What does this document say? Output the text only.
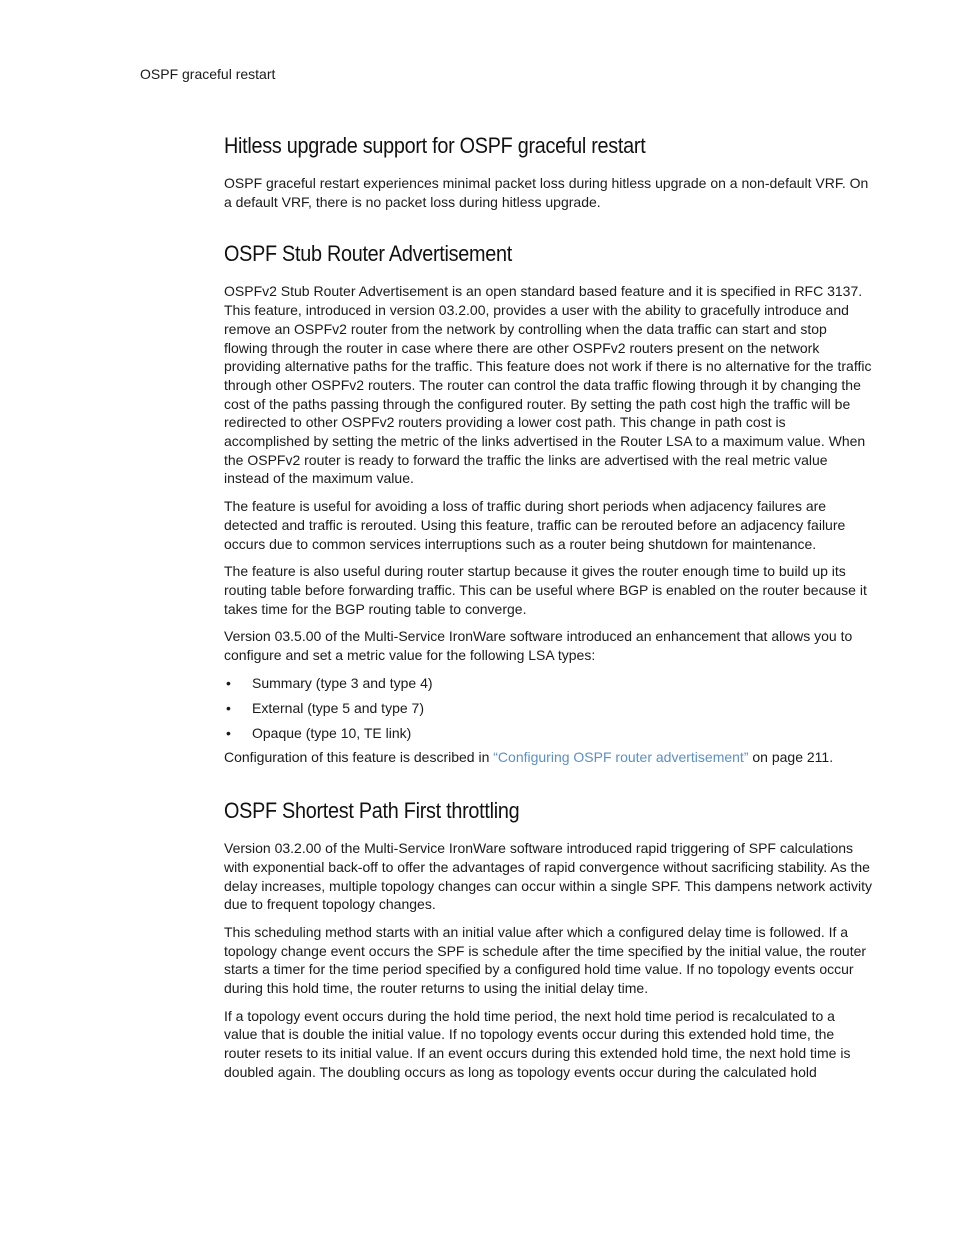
OSPF graceful restart
Hitless upgrade support for OSPF graceful restart

OSPF graceful restart experiences minimal packet loss during hitless upgrade on a non-default VRF. On a default VRF, there is no packet loss during hitless upgrade.

OSPF Stub Router Advertisement

OSPFv2 Stub Router Advertisement is an open standard based feature and it is specified in RFC 3137. This feature, introduced in version 03.2.00, provides a user with the ability to gracefully introduce and remove an OSPFv2 router from the network by controlling when the data traffic can start and stop flowing through the router in case where there are other OSPFv2 routers present on the network providing alternative paths for the traffic. This feature does not work if there is no alternative for the traffic through other OSPFv2 routers. The router can control the data traffic flowing through it by changing the cost of the paths passing through the configured router. By setting the path cost high the traffic will be redirected to other OSPFv2 routers providing a lower cost path. This change in path cost is accomplished by setting the metric of the links advertised in the Router LSA to a maximum value. When the OSPFv2 router is ready to forward the traffic the links are advertised with the real metric value instead of the maximum value.

The feature is useful for avoiding a loss of traffic during short periods when adjacency failures are detected and traffic is rerouted. Using this feature, traffic can be rerouted before an adjacency failure occurs due to common services interruptions such as a router being shutdown for maintenance.

The feature is also useful during router startup because it gives the router enough time to build up its routing table before forwarding traffic. This can be useful where BGP is enabled on the router because it takes time for the BGP routing table to converge.

Version 03.5.00 of the Multi-Service IronWare software introduced an enhancement that allows you to configure and set a metric value for the following LSA types:

• Summary (type 3 and type 4)
• External (type 5 and type 7)
• Opaque (type 10, TE link)

Configuration of this feature is described in “Configuring OSPF router advertisement” on page 211.

OSPF Shortest Path First throttling

Version 03.2.00 of the Multi-Service IronWare software introduced rapid triggering of SPF calculations with exponential back-off to offer the advantages of rapid convergence without sacrificing stability. As the delay increases, multiple topology changes can occur within a single SPF. This dampens network activity due to frequent topology changes.

This scheduling method starts with an initial value after which a configured delay time is followed. If a topology change event occurs the SPF is schedule after the time specified by the initial value, the router starts a timer for the time period specified by a configured hold time value. If no topology events occur during this hold time, the router returns to using the initial delay time.

If a topology event occurs during the hold time period, the next hold time period is recalculated to a value that is double the initial value. If no topology events occur during this extended hold time, the router resets to its initial value. If an event occurs during this extended hold time, the next hold time is doubled again. The doubling occurs as long as topology events occur during the calculated hold
